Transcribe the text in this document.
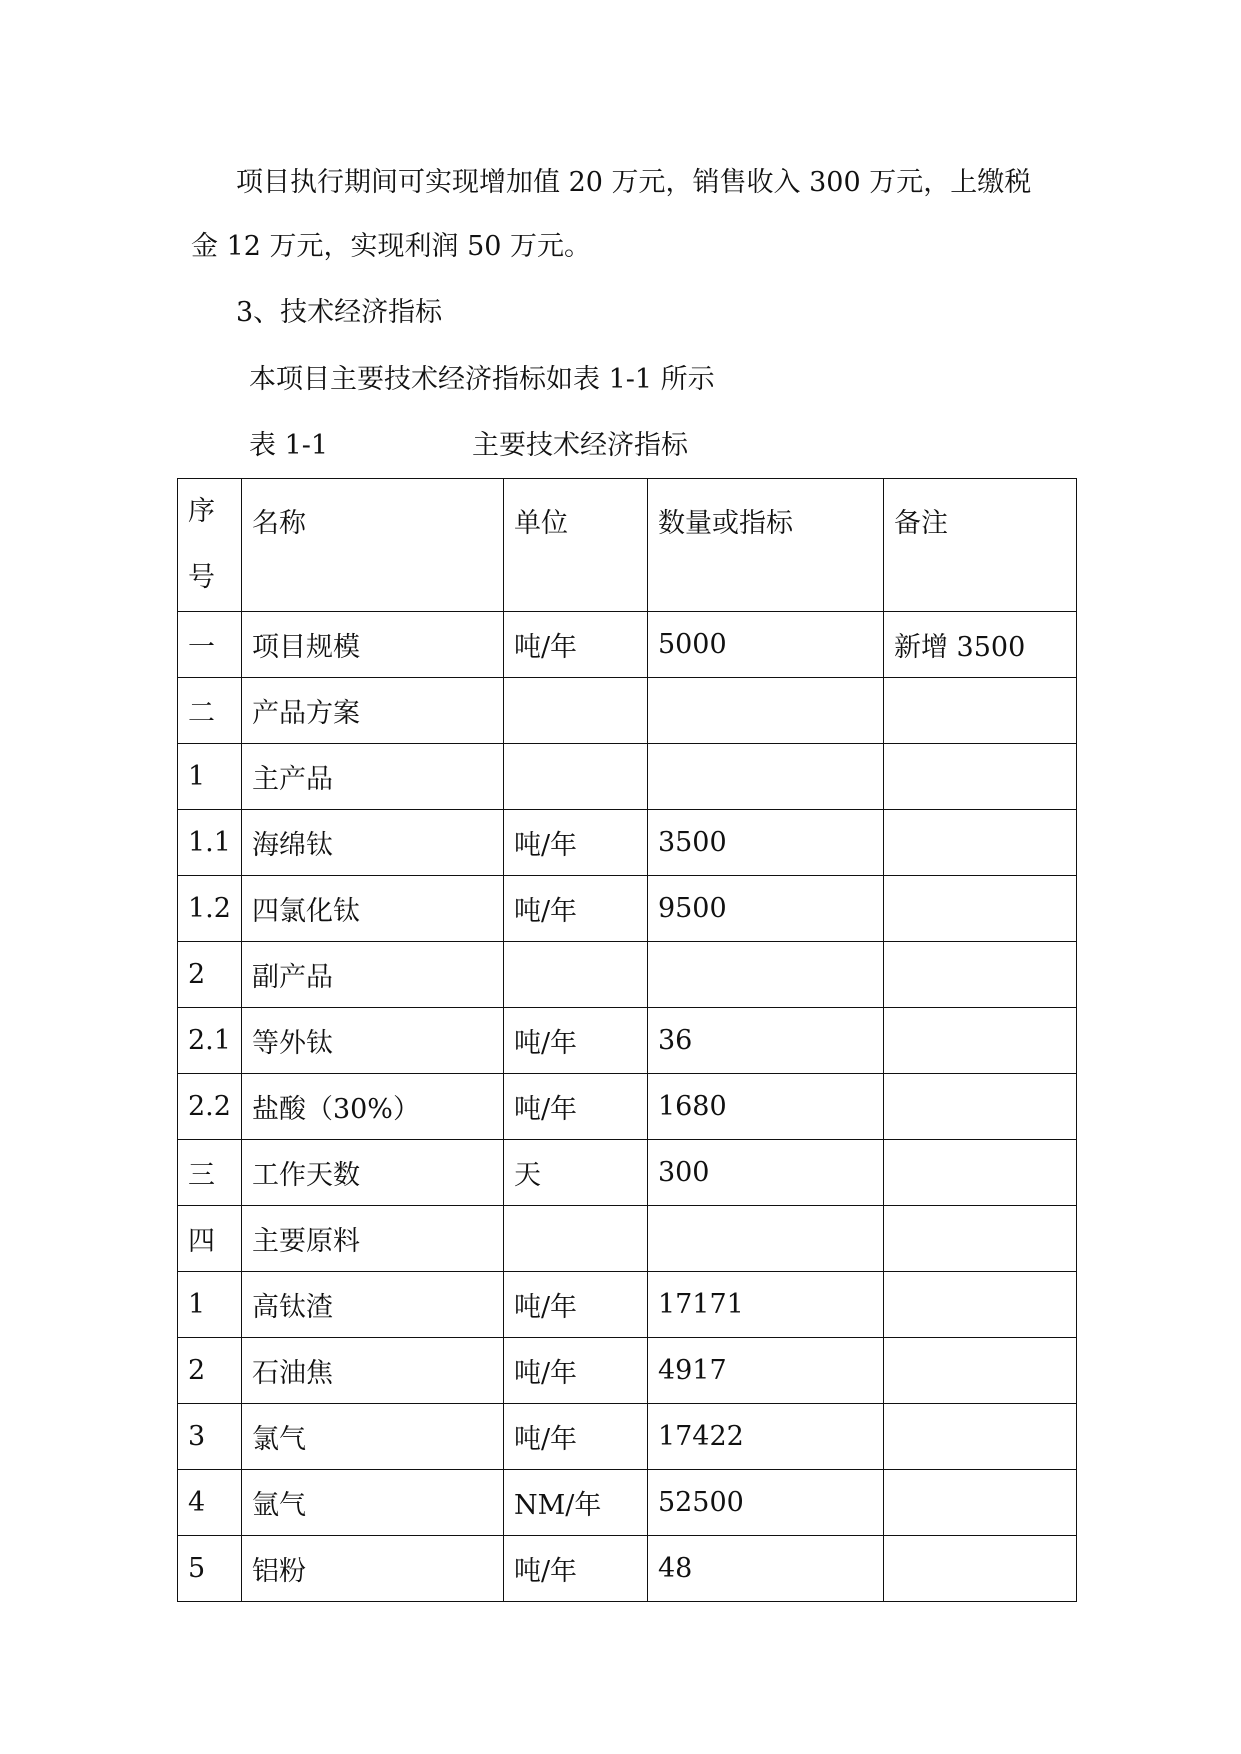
项目执行期间可实现增加值 20 万元，销售收入 300 万元，上缴税

金 12 万元，实现利润 50 万元。

3、技术经济指标

本项目主要技术经济指标如表 1-1 所示

表 1-1	主要技术经济指标

序号	名称	单位	数量或指标	备注
一	项目规模	吨/年	5000	新增 3500
二	产品方案			
1	主产品			
1.1	海绵钛	吨/年	3500	
1.2	四氯化钛	吨/年	9500	
2	副产品			
2.1	等外钛	吨/年	36	
2.2	盐酸（30%）	吨/年	1680	
三	工作天数	天	300	
四	主要原料			
1	高钛渣	吨/年	17171	
2	石油焦	吨/年	4917	
3	氯气	吨/年	17422	
4	氩气	NM/年	52500	
5	铝粉	吨/年	48	
